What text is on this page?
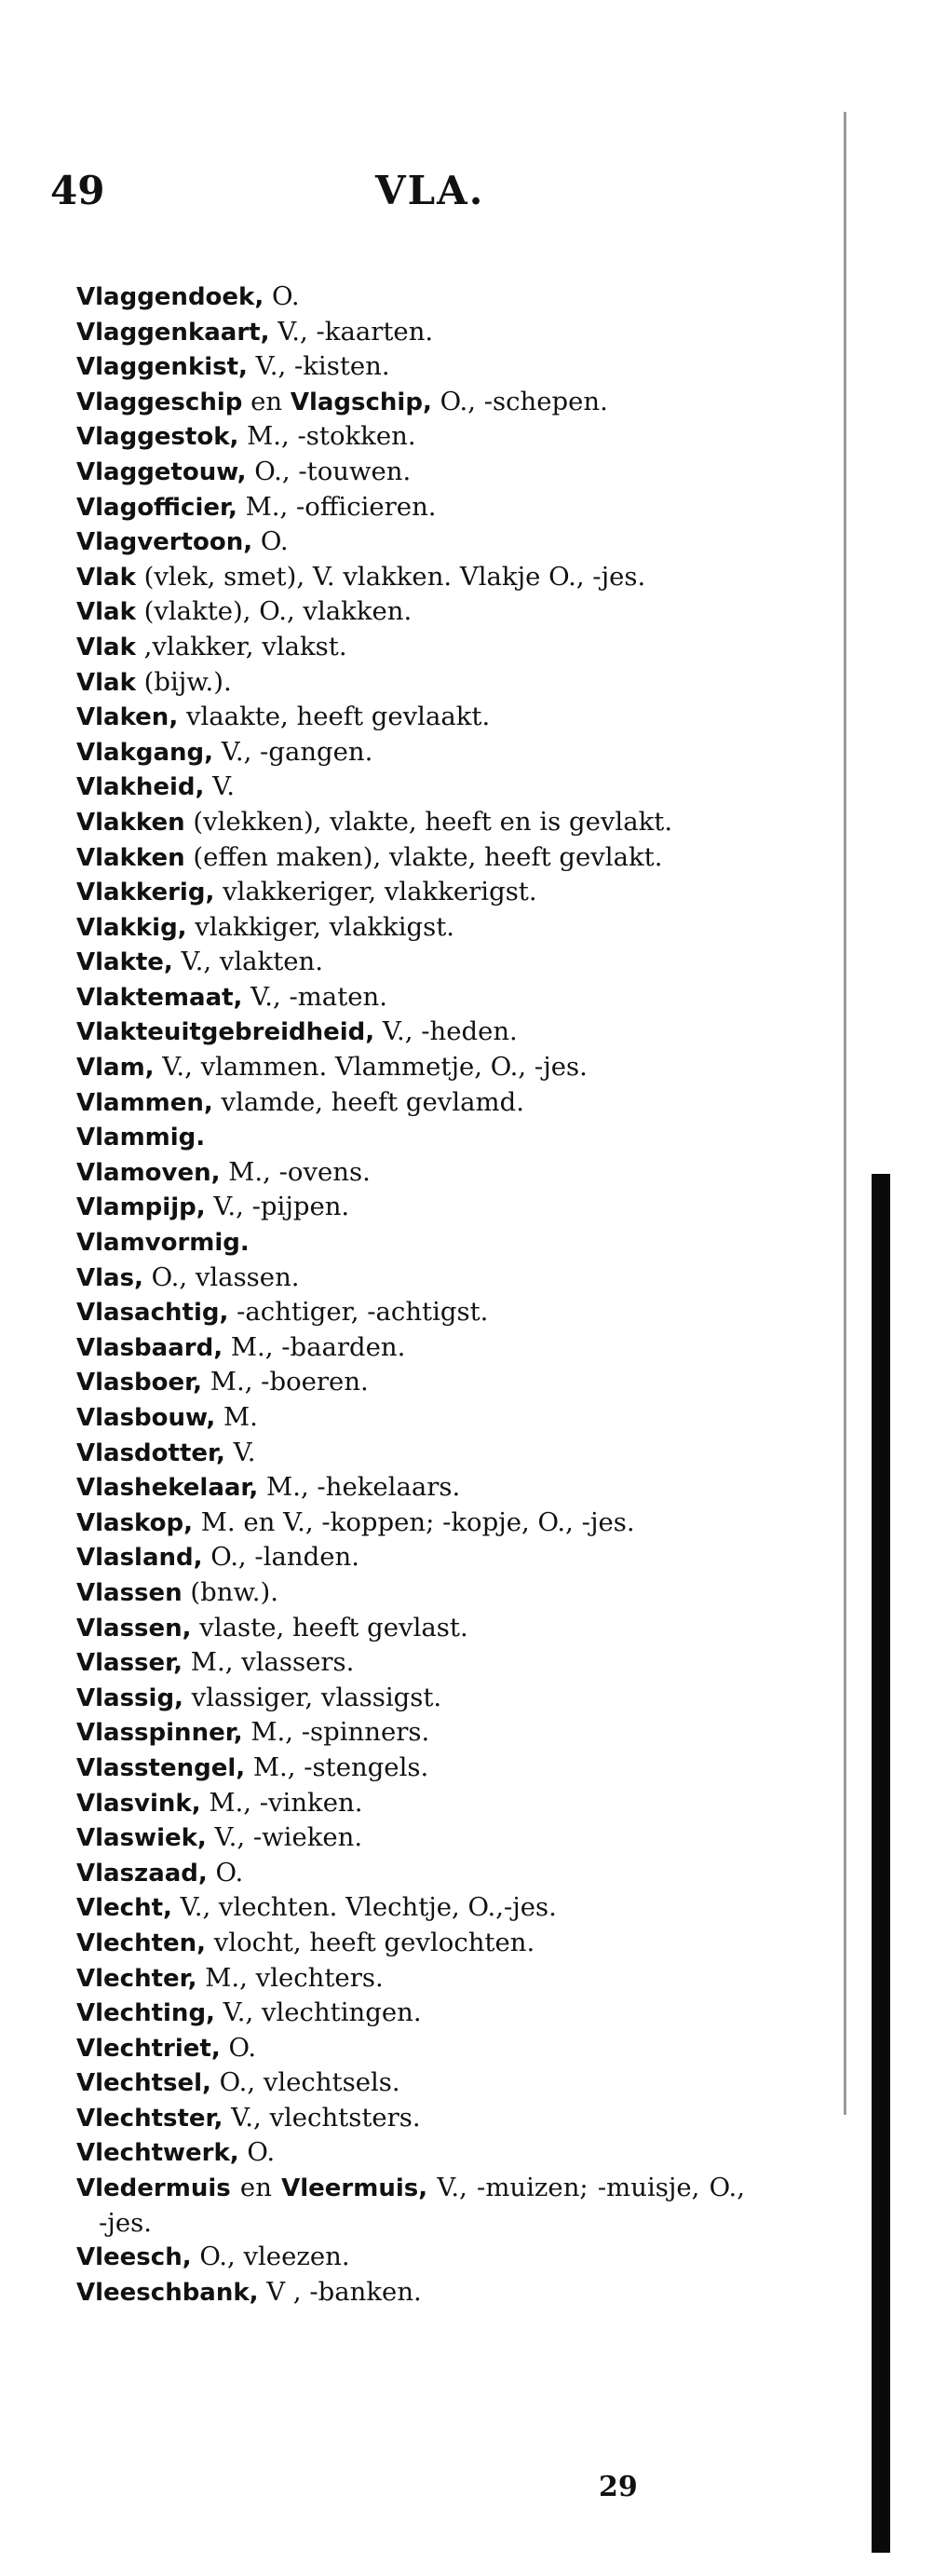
49	VLA.
Vlaggendoek, O.
Vlaggenkaart, V., -kaarten.
Vlaggenkist, V., -kisten.
Vlaggeschip en Vlagschip, O., -schepen.
Vlaggestok, M., -stokken.
Vlaggetouw, O., -touwen.
Vlagofficier, M., -officieren.
Vlagvertoon, O.
Vlak (vlek, smet), V. vlakken. Vlakje O., -jes.
Vlak (vlakte), O., vlakken.
Vlak ,vlakker, vlakst.
Vlak (bijw.).
Vlaken, vlaakte, heeft gevlaakt.
Vlakgang, V., -gangen.
Vlakheid, V.
Vlakken (vlekken), vlakte, heeft en is gevlakt.
Vlakken (effen maken), vlakte, heeft gevlakt.
Vlakkerig, vlakkeriger, vlakkerigst.
Vlakkig, vlakkiger, vlakkigst.
Vlakte, V., vlakten.
Vlaktemaat, V., -maten.
Vlakteuitgebreidheid, V., -heden.
Vlam, V., vlammen. Vlammetje, O., -jes.
Vlammen, vlamde, heeft gevlamd.
Vlammig.
Vlamoven, M., -ovens.
Vlampijp, V., -pijpen.
Vlamvormig.
Vlas, O., vlassen.
Vlasachtig, -achtiger, -achtigst.
Vlasbaard, M., -baarden.
Vlasboer, M., -boeren.
Vlasbouw, M.
Vlasdotter, V.
Vlashekelaar, M., -hekelaars.
Vlaskop, M. en V., -koppen; -kopje, O., -jes.
Vlasland, O., -landen.
Vlassen (bnw.).
Vlassen, vlaste, heeft gevlast.
Vlasser, M., vlassers.
Vlassig, vlassiger, vlassigst.
Vlasspinner, M., -spinners.
Vlasstengel, M., -stengels.
Vlasvink, M., -vinken.
Vlaswiek, V., -wieken.
Vlaszaad, O.
Vlecht, V., vlechten. Vlechtje, O.,-jes.
Vlechten, vlocht, heeft gevlochten.
Vlechter, M., vlechters.
Vlechting, V., vlechtingen.
Vlechtriet, O.
Vlechtsel, O., vlechtsels.
Vlechtster, V., vlechtsters.
Vlechtwerk, O.
Vledermuis en Vleermuis, V., -muizen; -muisje, O., -jes.
Vleesch, O., vleezen.
Vleeschbank, V , -banken.
29
